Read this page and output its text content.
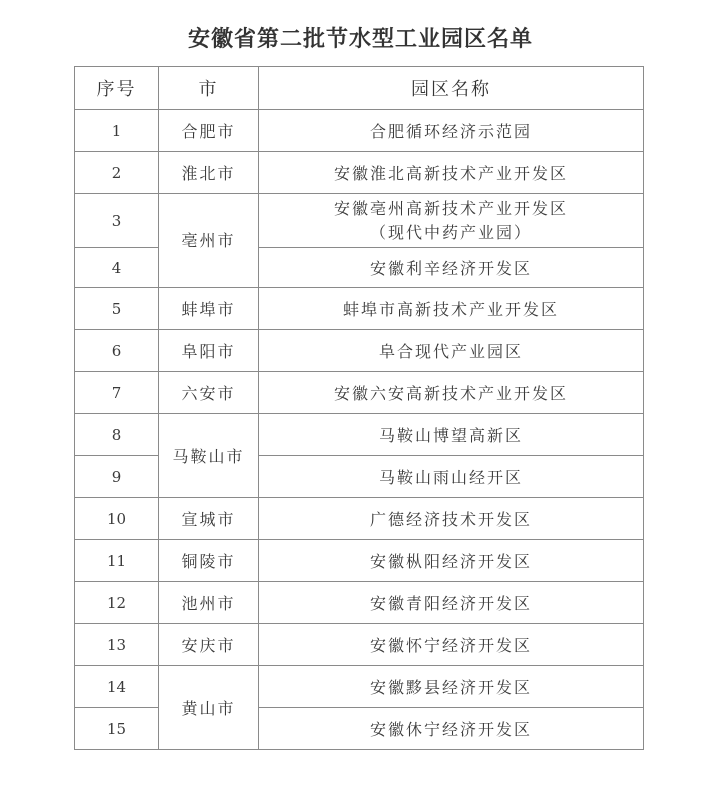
安徽省第二批节水型工业园区名单
序号	市	园区名称
1	合肥市	合肥循环经济示范园
2	淮北市	安徽淮北高新技术产业开发区
3	亳州市	安徽亳州高新技术产业开发区
（现代中药产业园）

4		安徽利辛经济开发区
5	蚌埠市	蚌埠市高新技术产业开发区
6	阜阳市	阜合现代产业园区
7	六安市	安徽六安高新技术产业开发区
8	马鞍山市	马鞍山博望高新区
9		马鞍山雨山经开区
10	宣城市	广德经济技术开发区
11	铜陵市	安徽枞阳经济开发区
12	池州市	安徽青阳经济开发区
13	安庆市	安徽怀宁经济开发区
14	黄山市	安徽黟县经济开发区
15		安徽休宁经济开发区
